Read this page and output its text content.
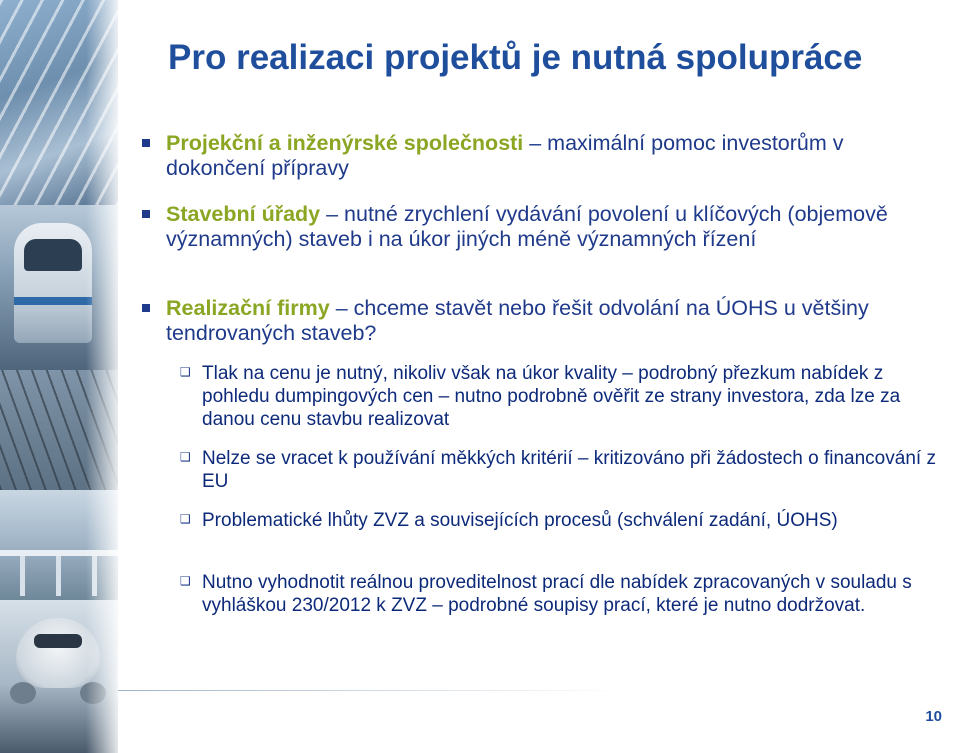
Pro realizaci projektů je nutná spolupráce
Projekční a inženýrské společnosti – maximální pomoc investorům v dokončení přípravy
Stavební úřady – nutné zrychlení vydávání povolení u klíčových (objemově významných) staveb i na úkor jiných méně významných řízení
Realizační firmy – chceme stavět nebo řešit odvolání na ÚOHS u většiny tendrovaných staveb?
❑ Tlak na cenu je nutný, nikoliv však na úkor kvality – podrobný přezkum nabídek z pohledu dumpingových cen – nutno podrobně ověřit ze strany investora, zda lze za danou cenu stavbu realizovat
❑ Nelze se vracet k používání měkkých kritérií – kritizováno při žádostech o financování z EU
❑ Problematické lhůty ZVZ a souvisejících procesů (schválení zadání, ÚOHS)
❑ Nutno vyhodnotit reálnou proveditelnost prací dle nabídek zpracovaných v souladu s vyhláškou 230/2012 k ZVZ – podrobné soupisy prací, které je nutno dodržovat.
10
